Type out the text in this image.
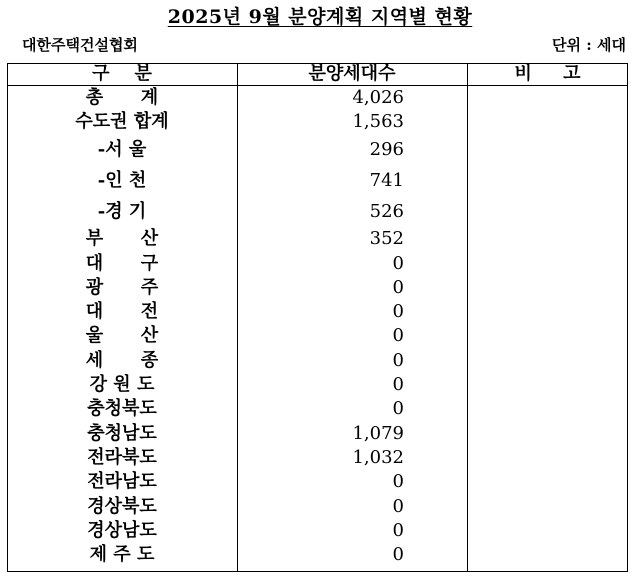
2025년 9월 분양계획 지역별 현황
대한주택건설협회	단위 : 세대
구    분	분양세대수	비     고
총      계	4,026	
수도권 합계	1,563	
-서 울	296	
-인 천	741	
-경 기	526	
부      산	352	
대      구	0	
광      주	0	
대      전	0	
울      산	0	
세      종	0	
강 원 도	0	
충청북도	0	
충청남도	1,079	
전라북도	1,032	
전라남도	0	
경상북도	0	
경상남도	0	
제 주 도	0	
